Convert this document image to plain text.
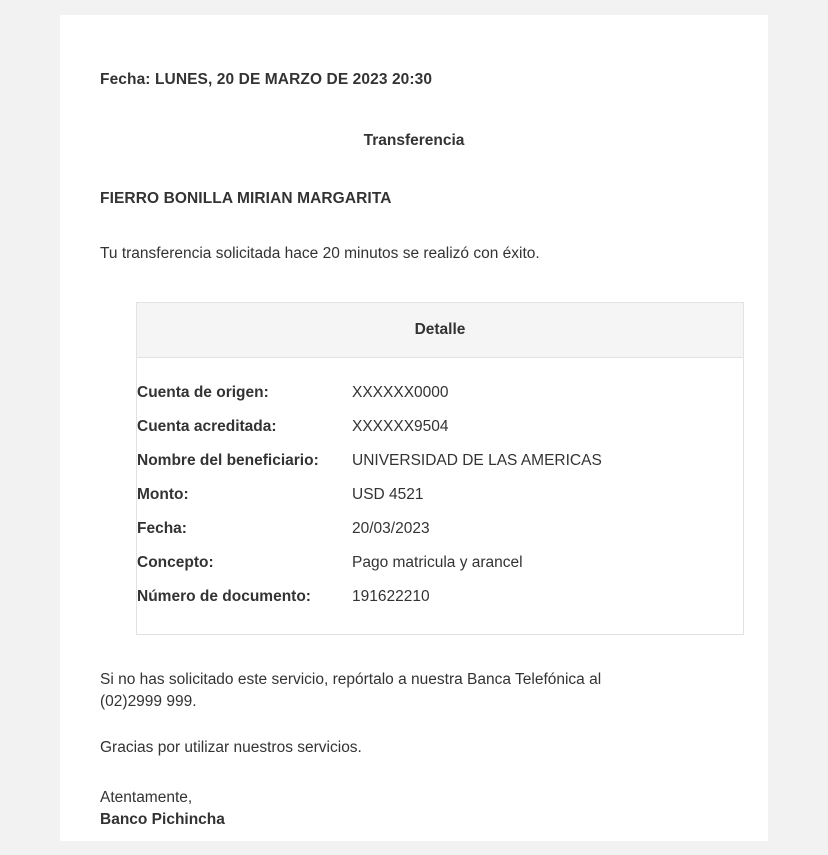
Fecha: LUNES, 20 DE MARZO DE 2023 20:30
Transferencia
FIERRO BONILLA MIRIAN MARGARITA
Tu transferencia solicitada hace 20 minutos se realizó con éxito.
Detalle
Cuenta de origen:	XXXXXX0000
Cuenta acreditada:	XXXXXX9504
Nombre del beneficiario:	UNIVERSIDAD DE LAS AMERICAS
Monto:	USD 4521
Fecha:	20/03/2023
Concepto:	Pago matricula y arancel
Número de documento:	191622210
Si no has solicitado este servicio, repórtalo a nuestra Banca Telefónica al (02)2999 999.
Gracias por utilizar nuestros servicios.
Atentamente,
Banco Pichincha
